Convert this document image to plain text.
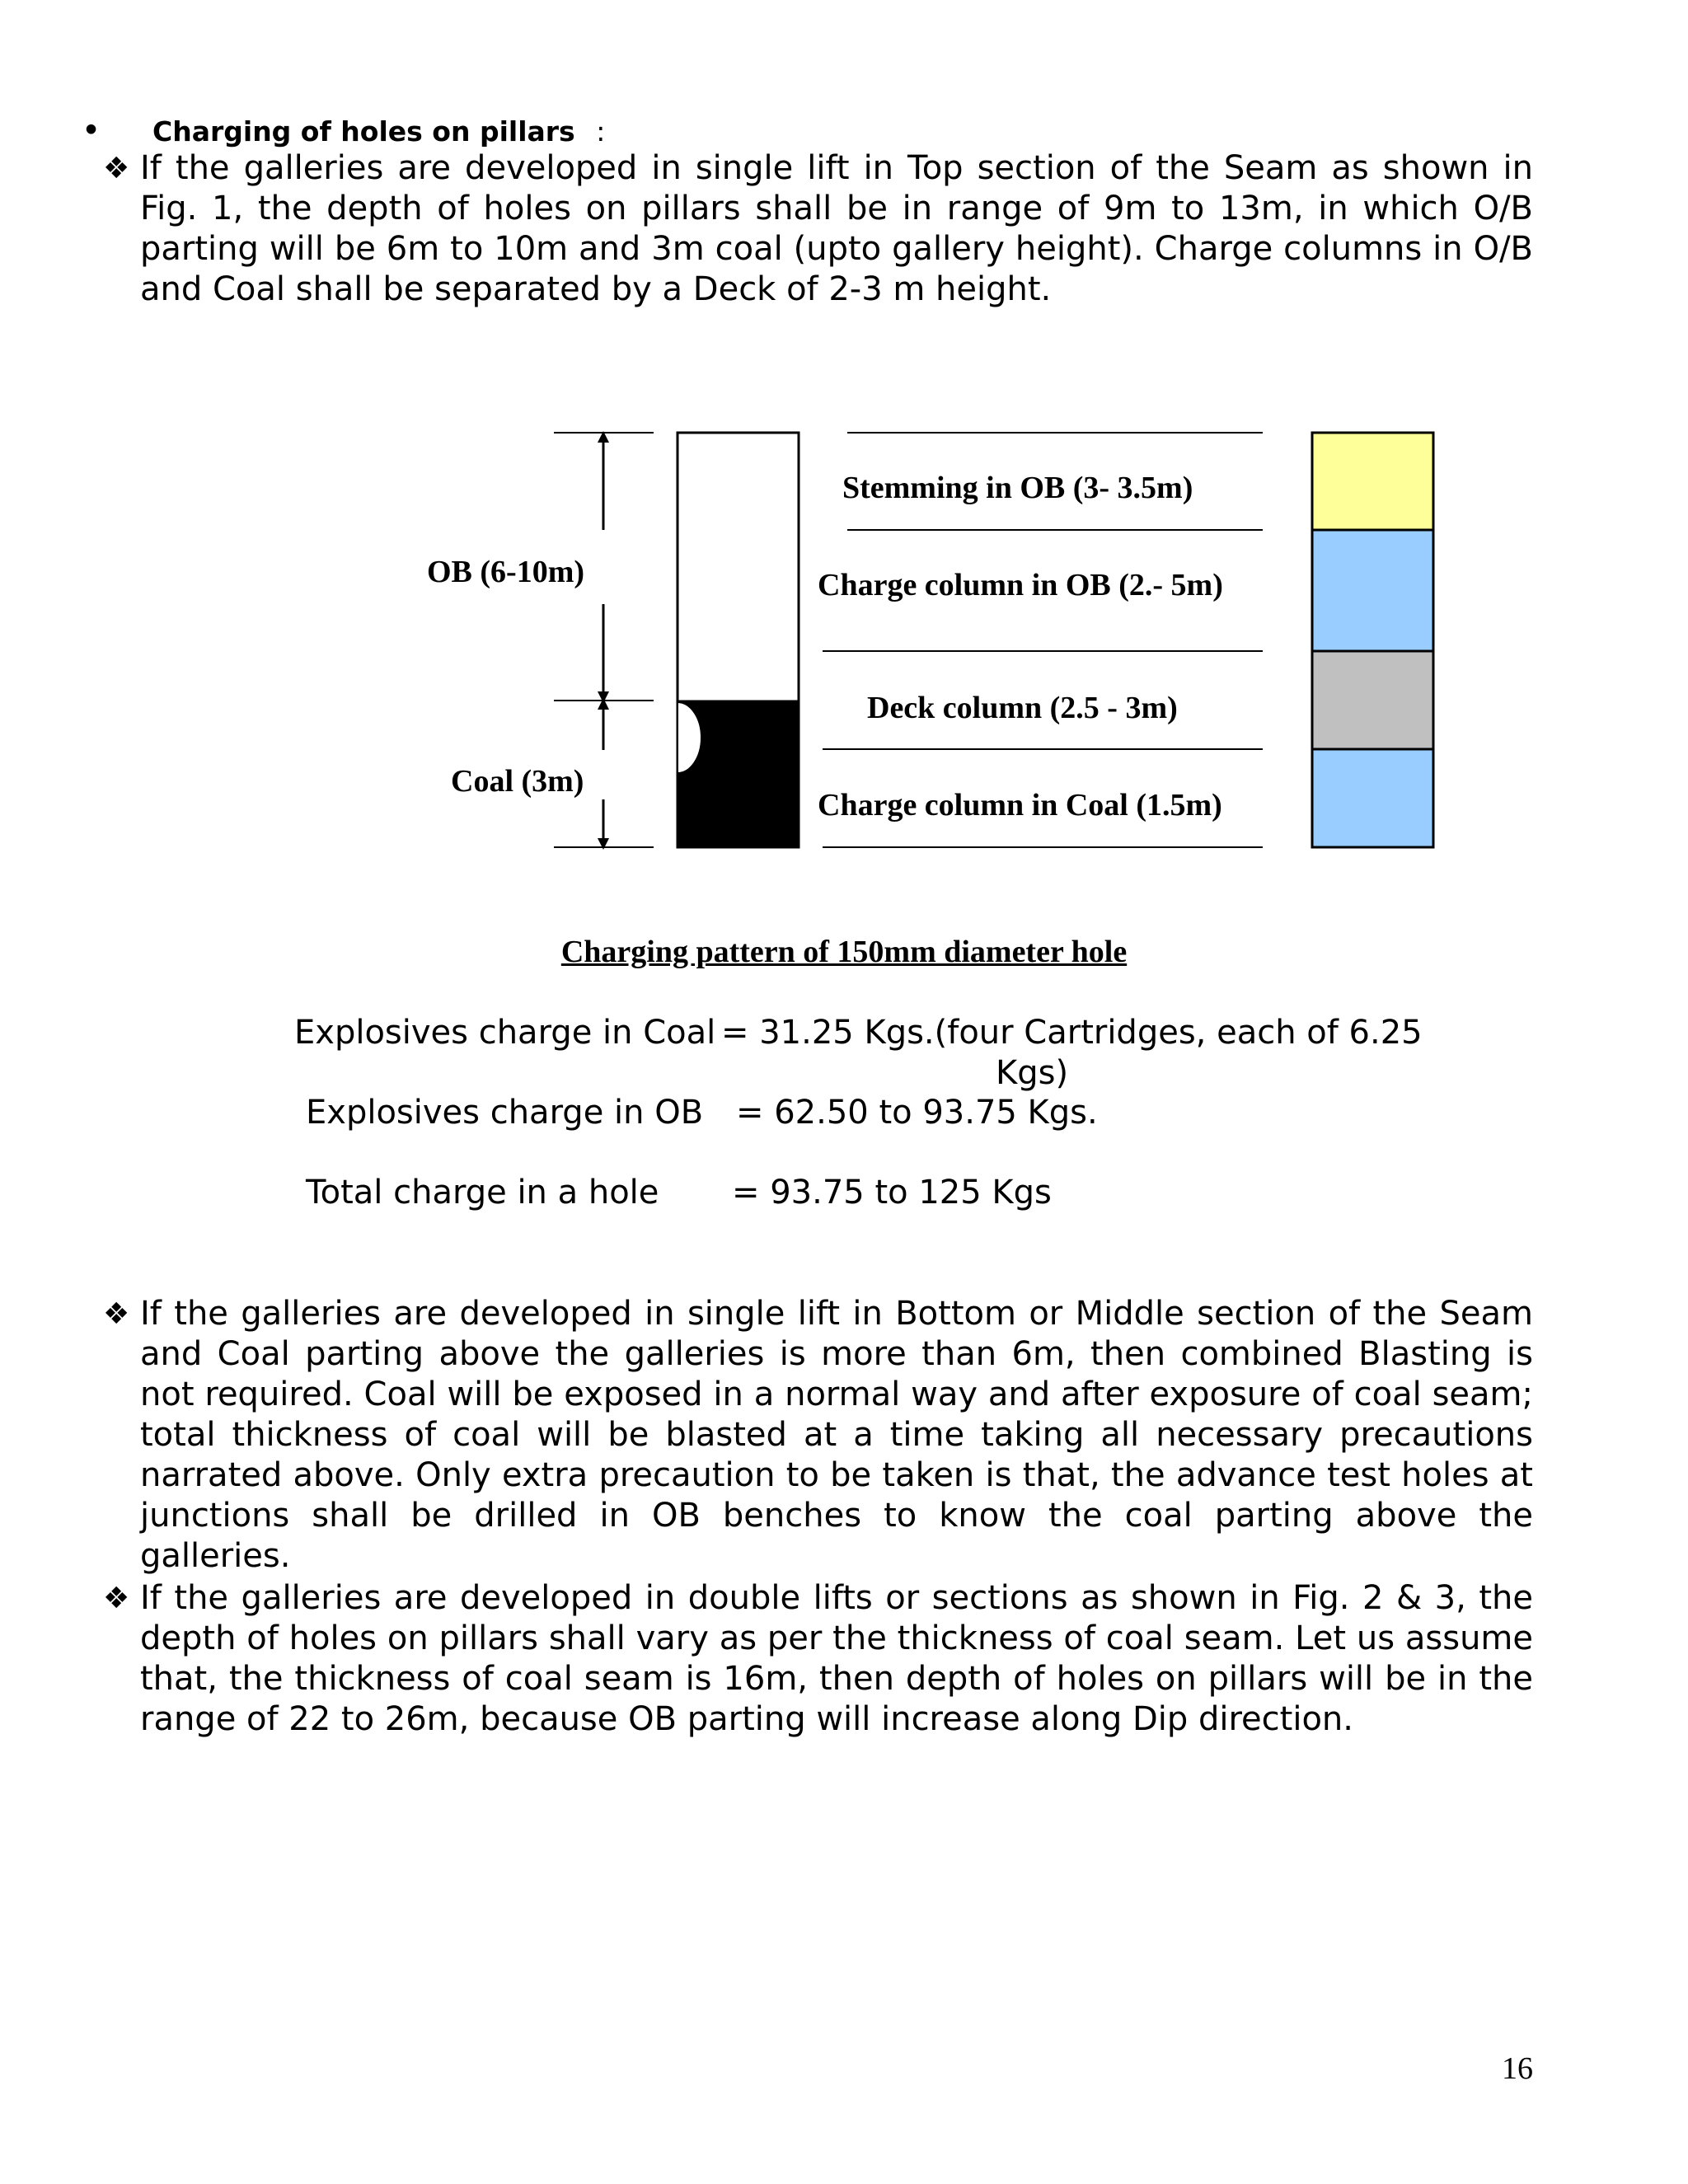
• Charging of holes on pillars :
❖ If the galleries are developed in single lift in Top section of the Seam as shown in Fig. 1, the depth of holes on pillars shall be in range of 9m to 13m, in which O/B parting will be 6m to 10m and 3m coal (upto gallery height). Charge columns in O/B and Coal shall be separated by a Deck of 2-3 m height.

OB (6-10m)
Coal (3m)
Stemming in OB (3- 3.5m)
Charge column in OB (2.- 5m)
Deck column (2.5 - 3m)
Charge column in Coal (1.5m)
Charging pattern of 150mm diameter hole
Explosives charge in Coal = 31.25 Kgs.(four Cartridges, each of 6.25
Kgs)
Explosives charge in OB = 62.50 to 93.75 Kgs.
Total charge in a hole = 93.75 to 125 Kgs
❖ If the galleries are developed in single lift in Bottom or Middle section of the Seam and Coal parting above the galleries is more than 6m, then combined Blasting is not required. Coal will be exposed in a normal way and after exposure of coal seam; total thickness of coal will be blasted at a time taking all necessary precautions narrated above. Only extra precaution to be taken is that, the advance test holes at junctions shall be drilled in OB benches to know the coal parting above the galleries.

❖ If the galleries are developed in double lifts or sections as shown in Fig. 2 & 3, the depth of holes on pillars shall vary as per the thickness of coal seam. Let us assume that, the thickness of coal seam is 16m, then depth of holes on pillars will be in the range of 22 to 26m, because OB parting will increase along Dip direction.

16
